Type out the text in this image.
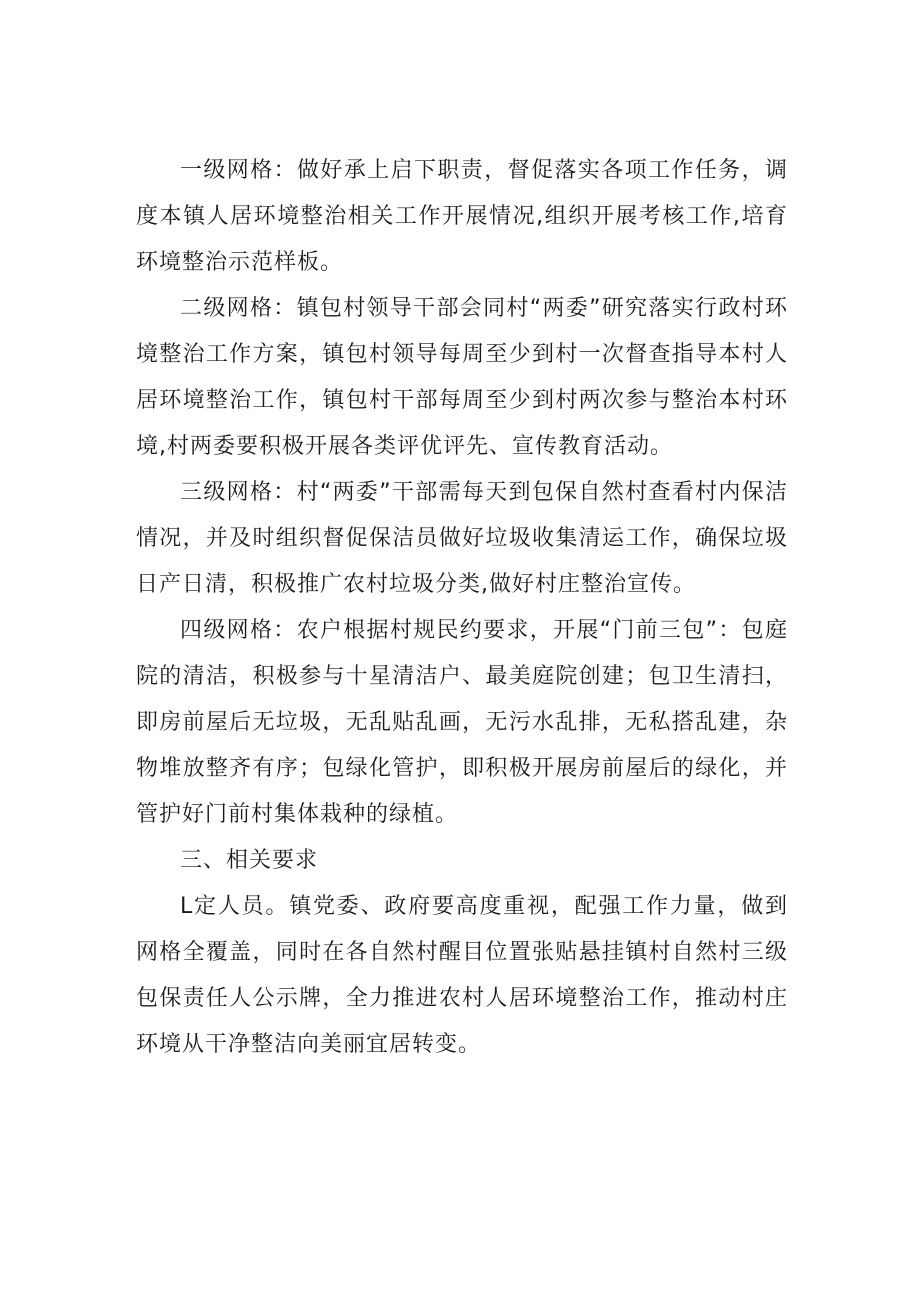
一级网格：做好承上启下职责，督促落实各项工作任务，调度本镇人居环境整治相关工作开展情况,组织开展考核工作,培育环境整治示范样板。

二级网格：镇包村领导干部会同村“两委”研究落实行政村环境整治工作方案，镇包村领导每周至少到村一次督查指导本村人居环境整治工作，镇包村干部每周至少到村两次参与整治本村环境,村两委要积极开展各类评优评先、宣传教育活动。

三级网格：村“两委”干部需每天到包保自然村查看村内保洁情况，并及时组织督促保洁员做好垃圾收集清运工作，确保垃圾日产日清，积极推广农村垃圾分类,做好村庄整治宣传。

四级网格：农户根据村规民约要求，开展“门前三包”：包庭院的清洁，积极参与十星清洁户、最美庭院创建；包卫生清扫，即房前屋后无垃圾，无乱贴乱画，无污水乱排，无私搭乱建，杂物堆放整齐有序；包绿化管护，即积极开展房前屋后的绿化，并管护好门前村集体栽种的绿植。

三、相关要求

L定人员。镇党委、政府要高度重视，配强工作力量，做到网格全覆盖，同时在各自然村醒目位置张贴悬挂镇村自然村三级包保责任人公示牌，全力推进农村人居环境整治工作，推动村庄环境从干净整洁向美丽宜居转变。
